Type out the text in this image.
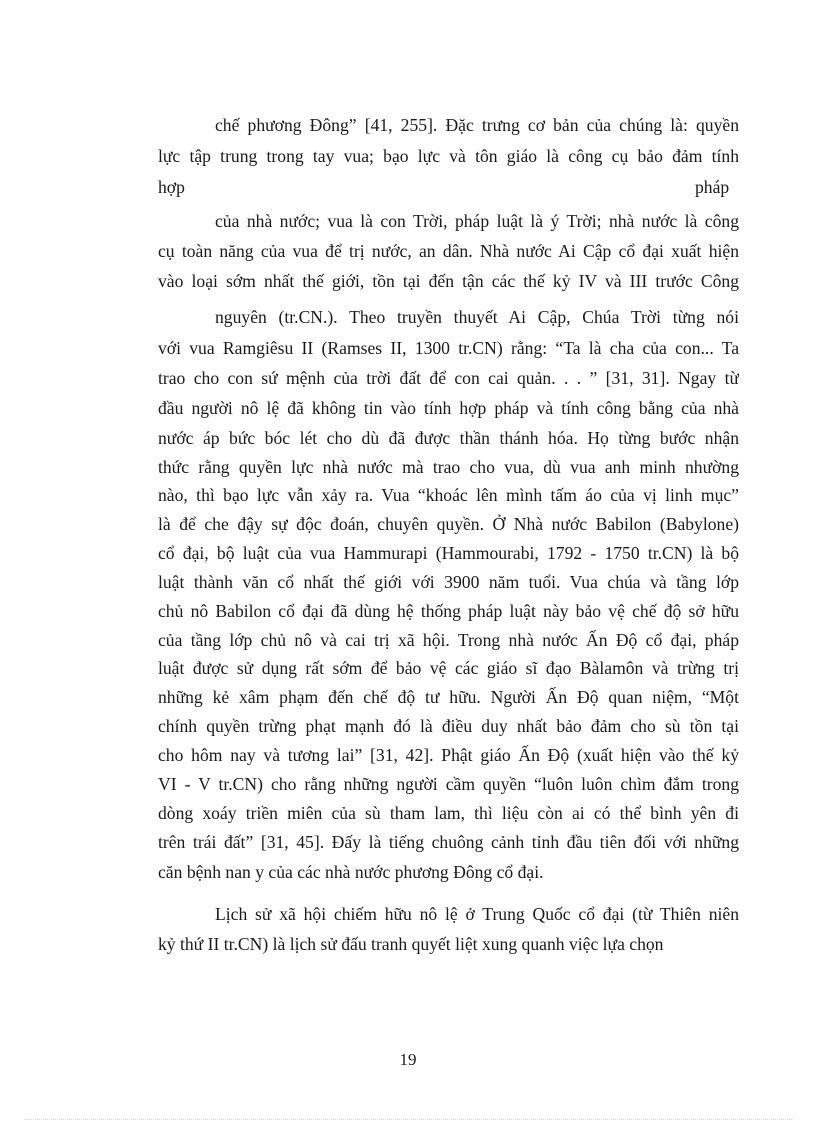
chế phương Đông” [41, 255]. Đặc trưng cơ bản của chúng là: quyền
lực tập trung trong tay vua; bạo lực và tôn giáo là công cụ bảo đảm tính
hợp	pháp
của nhà nước; vua là con Trời, pháp luật là ý Trời; nhà nước là công
cụ toàn năng của vua để trị nước, an dân. Nhà nước Ai Cập cổ đại xuất hiện
vào loại sớm nhất thế giới, tồn tại đến tận các thế kỷ IV và III trước Công
nguyên (tr.CN.). Theo truyền thuyết Ai Cập, Chúa Trời từng nói
với vua Ramgiêsu II (Ramses II, 1300 tr.CN) rằng: “Ta là cha của con... Ta
trao cho con sứ mệnh của trời đất để con cai quản. . . ” [31, 31]. Ngay từ
đầu người nô lệ đã không tin vào tính hợp pháp và tính công bằng của nhà
nước áp bức bóc lét cho dù đã được thần thánh hóa. Họ từng bước nhận
thức rằng quyền lực nhà nước mà trao cho vua, dù vua anh minh nhường
nào, thì bạo lực vẫn xảy ra. Vua “khoác lên mình tấm áo của vị linh mục”
là để che đậy sự độc đoán, chuyên quyền. Ở Nhà nước Babilon (Babylone)
cổ đại, bộ luật của vua Hammurapi (Hammourabi, 1792 - 1750 tr.CN) là bộ
luật thành văn cổ nhất thế giới với 3900 năm tuổi. Vua chúa và tầng lớp
chủ nô Babilon cổ đại đã dùng hệ thống pháp luật này bảo vệ chế độ sở hữu
của tầng lớp chủ nô và cai trị xã hội. Trong nhà nước Ấn Độ cổ đại, pháp
luật được sử dụng rất sớm để bảo vệ các giáo sĩ đạo Bàlamôn và trừng trị
những kẻ xâm phạm đến chế độ tư hữu. Người Ấn Độ quan niệm, “Một
chính quyền trừng phạt mạnh đó là điều duy nhất bảo đảm cho sù tồn tại
cho hôm nay và tương lai” [31, 42]. Phật giáo Ấn Độ (xuất hiện vào thế kỷ
VI - V tr.CN) cho rằng những người cầm quyền “luôn luôn chìm đắm trong
dòng xoáy triền miên của sù tham lam, thì liệu còn ai có thể bình yên đi
trên trái đất” [31, 45]. Đấy là tiếng chuông cảnh tỉnh đầu tiên đối với những
căn bệnh nan y của các nhà nước phương Đông cổ đại.
Lịch sử xã hội chiếm hữu nô lệ ở Trung Quốc cổ đại (từ Thiên niên
kỷ thứ II tr.CN) là lịch sử đấu tranh quyết liệt xung quanh việc lựa chọn
19
